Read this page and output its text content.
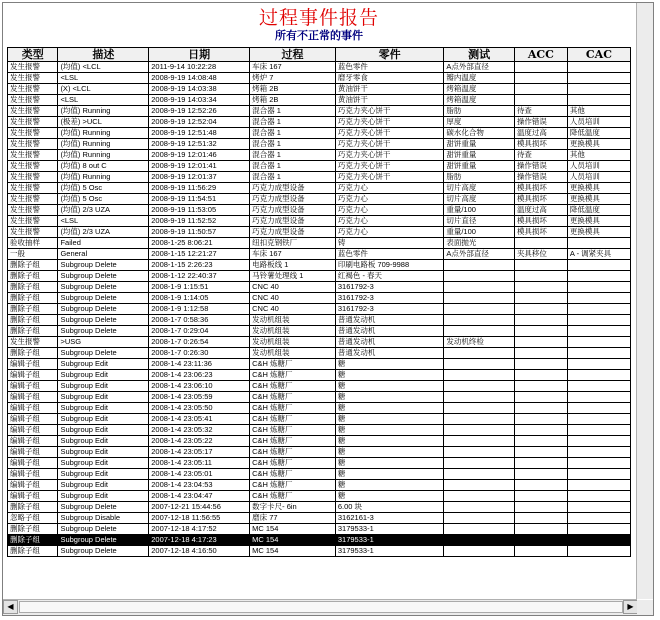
过程事件报告
所有不正常的事件
类型	描述	日期	过程	零件	测试	ACC	CAC
发生报警	(均值) <LCL	2011-9-14 10:22:28	车床 167	蓝色零件	A点外部直径		
发生报警	<LSL	2008-9-19 14:08:48	烤炉 7	磨牙零食	瓣内温度		
发生报警	(X) <LCL	2008-9-19 14:03:38	烤箱 2B	黄油饼干	烤箱温度		
发生报警	<LSL	2008-9-19 14:03:34	烤箱 2B	黄油饼干	烤箱温度		
发生报警	(均值) Running	2008-9-19 12:52:26	混合器 1	巧克力夹心饼干	脂肪	待查	其他
发生报警	(极差) >UCL	2008-9-19 12:52:04	混合器 1	巧克力夹心饼干	厚度	操作错误	人员培训
发生报警	(均值) Running	2008-9-19 12:51:48	混合器 1	巧克力夹心饼干	碳水化合物	温度过高	降低温度
发生报警	(均值) Running	2008-9-19 12:51:32	混合器 1	巧克力夹心饼干	甜饼重量	模具损坏	更换模具
发生报警	(均值) Running	2008-9-19 12:01:46	混合器 1	巧克力夹心饼干	甜饼重量	待查	其他
发生报警	(均值) 8 out C	2008-9-19 12:01:41	混合器 1	巧克力夹心饼干	甜饼重量	操作错误	人员培训
发生报警	(均值) Running	2008-9-19 12:01:37	混合器 1	巧克力夹心饼干	脂肪	操作错误	人员培训
发生报警	(均值) 5 Osc	2008-9-19 11:56:29	巧克力成型设备	巧克力心	切片高度	模具损坏	更换模具
发生报警	(均值) 5 Osc	2008-9-19 11:54:51	巧克力成型设备	巧克力心	切片高度	模具损坏	更换模具
发生报警	(均值) 2/3 UZA	2008-9-19 11:53:05	巧克力成型设备	巧克力心	重量/100	温度过高	降低温度
发生报警	<LSL	2008-9-19 11:52:52	巧克力成型设备	巧克力心	切片直径	模具损坏	更换模具
发生报警	(均值) 2/3 UZA	2008-9-19 11:50:57	巧克力成型设备	巧克力心	重量/100	模具损坏	更换模具
验收抽样	Failed	2008-1-25 8:06:21	纽扣克钢铁厂	铸	表面抛光		
一般	General	2008-1-15 12:21:27	车床 167	蓝色零件	A点外部直径	夹具移位	A - 调紧夹具
删除子组	Subgroup Delete	2008-1-15 2:26:23	电路板线 1	印刷电路板 709-9988			
删除子组	Subgroup Delete	2008-1-12 22:40:37	马铃薯处理线 1	红褐色 - 春天			
删除子组	Subgroup Delete	2008-1-9 1:15:51	CNC 40	3161792-3			
删除子组	Subgroup Delete	2008-1-9 1:14:05	CNC 40	3161792-3			
删除子组	Subgroup Delete	2008-1-9 1:12:58	CNC 40	3161792-3			
删除子组	Subgroup Delete	2008-1-7 0:58:36	发动机组装	普通发动机			
删除子组	Subgroup Delete	2008-1-7 0:29:04	发动机组装	普通发动机			
发生报警	>USG	2008-1-7 0:26:54	发动机组装	普通发动机	发动机终检		
删除子组	Subgroup Delete	2008-1-7 0:26:30	发动机组装	普通发动机			
编辑子组	Subgroup Edit	2008-1-4 23:11:36	C&H 炼糖厂	糖			
编辑子组	Subgroup Edit	2008-1-4 23:06:23	C&H 炼糖厂	糖			
编辑子组	Subgroup Edit	2008-1-4 23:06:10	C&H 炼糖厂	糖			
编辑子组	Subgroup Edit	2008-1-4 23:05:59	C&H 炼糖厂	糖			
编辑子组	Subgroup Edit	2008-1-4 23:05:50	C&H 炼糖厂	糖			
编辑子组	Subgroup Edit	2008-1-4 23:05:41	C&H 炼糖厂	糖			
编辑子组	Subgroup Edit	2008-1-4 23:05:32	C&H 炼糖厂	糖			
编辑子组	Subgroup Edit	2008-1-4 23:05:22	C&H 炼糖厂	糖			
编辑子组	Subgroup Edit	2008-1-4 23:05:17	C&H 炼糖厂	糖			
编辑子组	Subgroup Edit	2008-1-4 23:05:11	C&H 炼糖厂	糖			
编辑子组	Subgroup Edit	2008-1-4 23:05:01	C&H 炼糖厂	糖			
编辑子组	Subgroup Edit	2008-1-4 23:04:53	C&H 炼糖厂	糖			
编辑子组	Subgroup Edit	2008-1-4 23:04:47	C&H 炼糖厂	糖			
删除子组	Subgroup Delete	2007-12-21 15:44:56	数字卡尺- 6in	6.00 块			
忽略子组	Subgroup Disable	2007-12-18 11:56:55	磨床 77	3162161-3			
删除子组	Subgroup Delete	2007-12-18 4:17:52	MC 154	3179533-1			
删除子组	Subgroup Delete	2007-12-18 4:17:23	MC 154	3179533-1			
删除子组	Subgroup Delete	2007-12-18 4:16:50	MC 154	3179533-1			
◀	▶
